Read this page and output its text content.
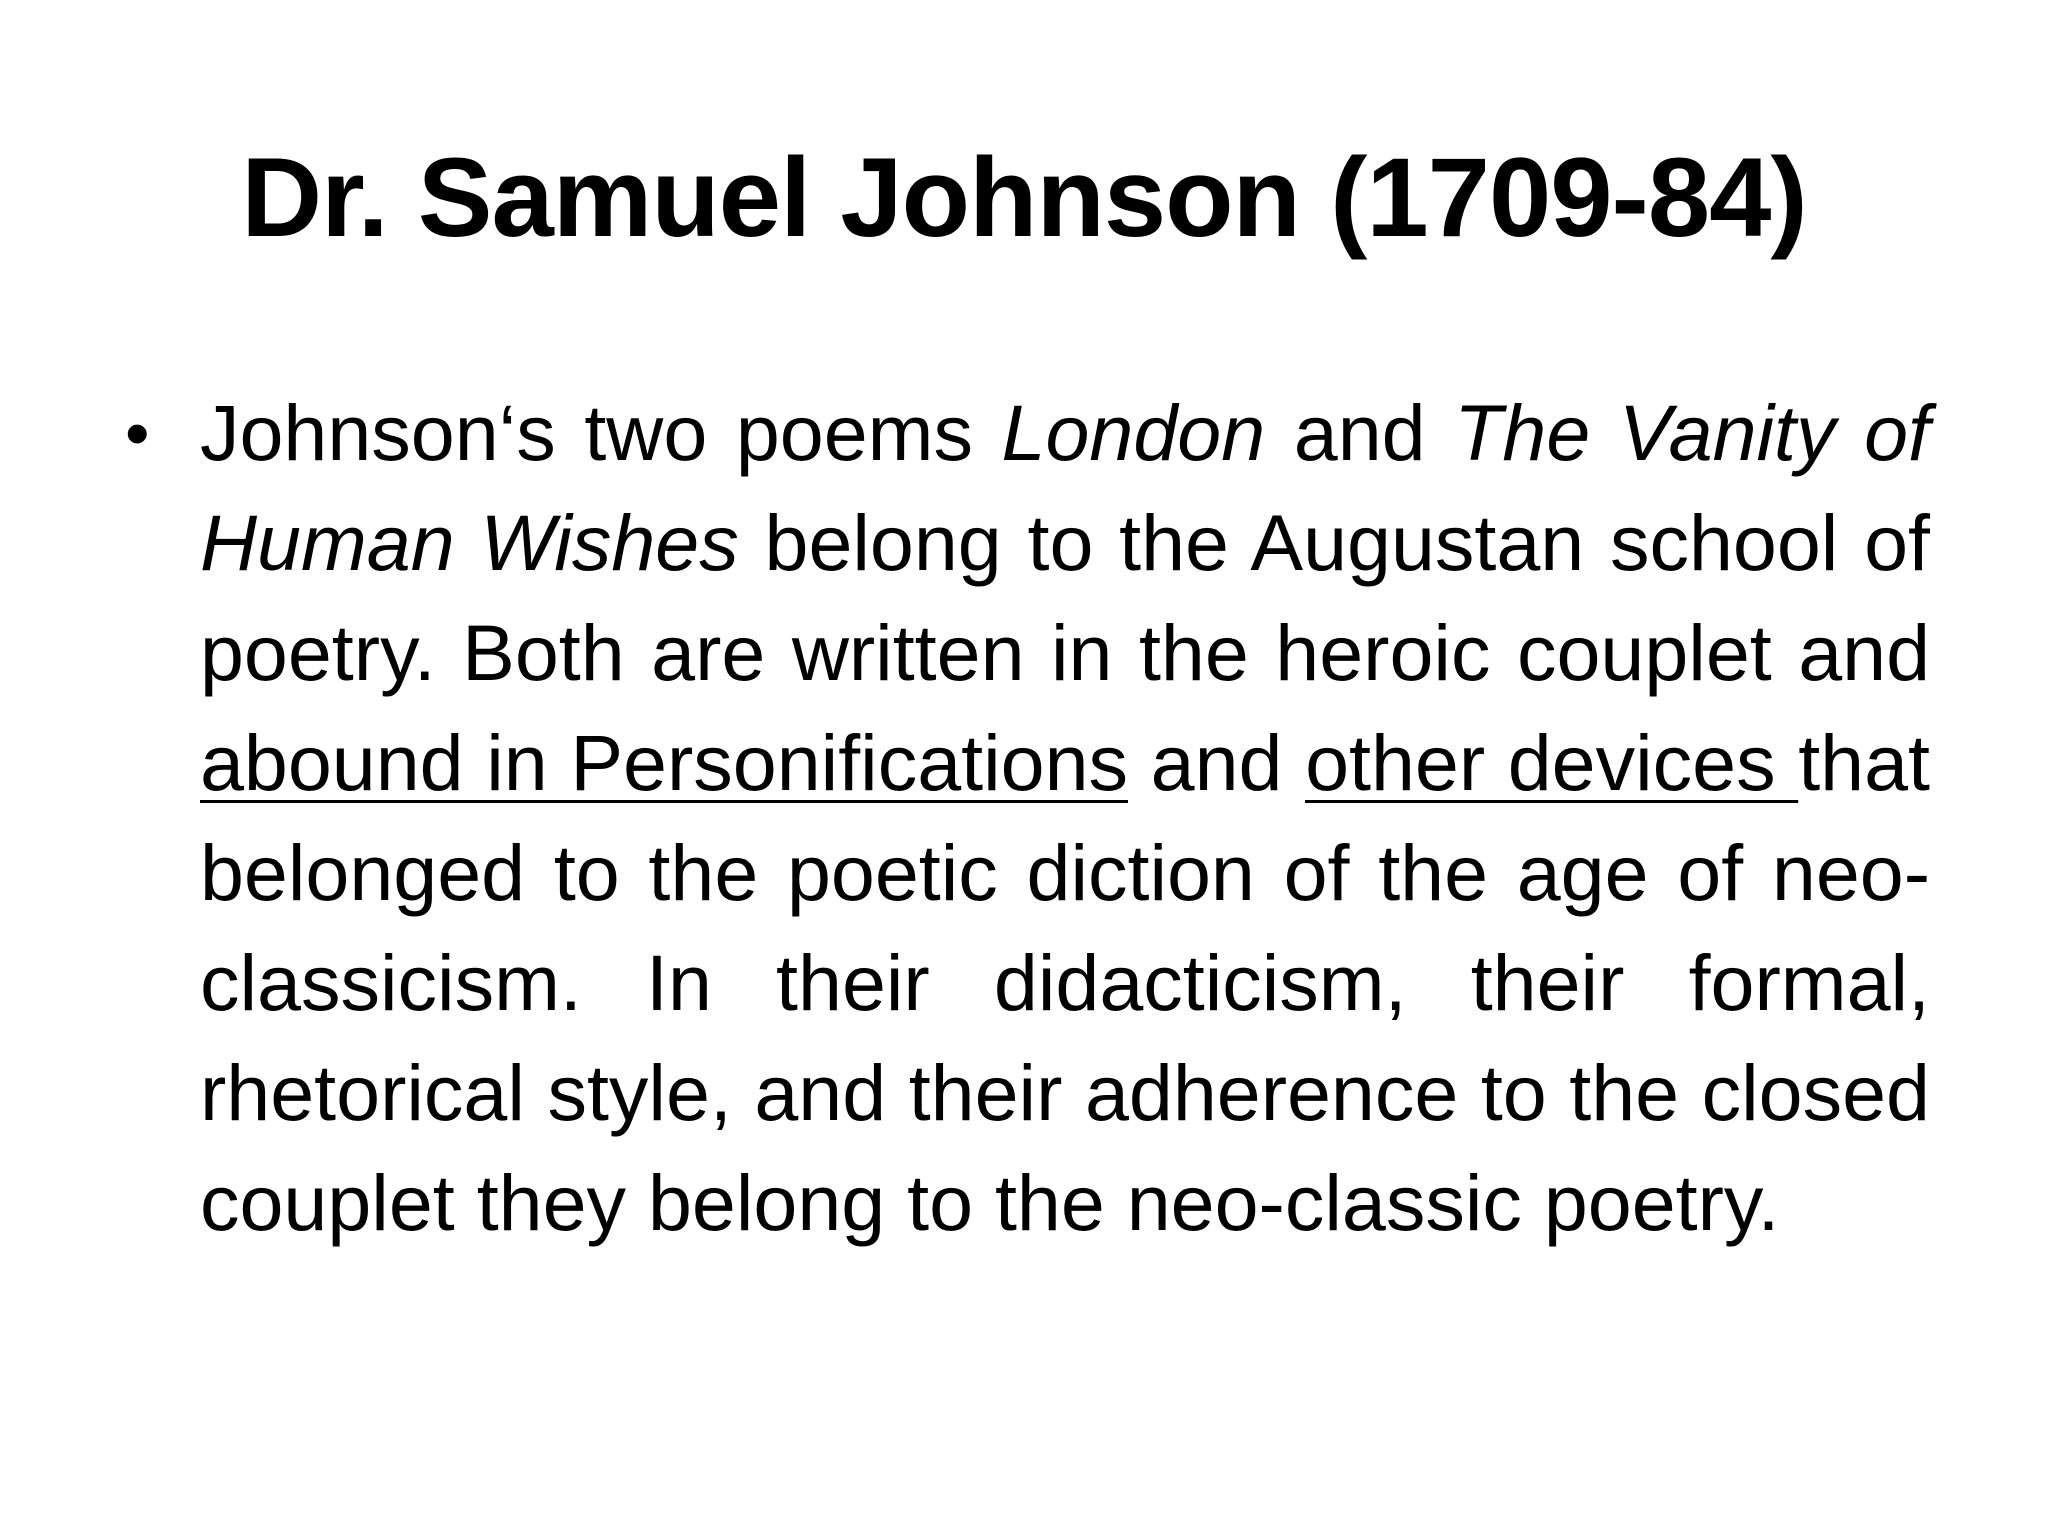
Dr. Samuel Johnson (1709-84)
• Johnson‘s two poems London and The Vanity of Human Wishes belong to the Augustan school of poetry. Both are written in the heroic couplet and abound in Personifications and other devices that belonged to the poetic diction of the age of neo-classicism. In their didacticism, their formal, rhetorical style, and their adherence to the closed couplet they belong to the neo-classic poetry.
